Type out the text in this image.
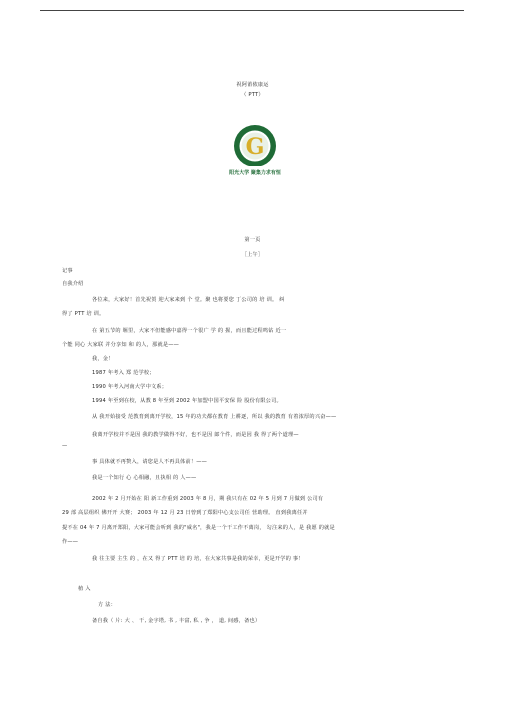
祝阿莆侬康运
（ PTT）
G
阳光大学 聚集力求有恒
第一页
［上午］
记事
自我介绍
各位来，大家好！首先祝贺 迎大家来到 个 堂。聚 也将要您 丁公司的 培 训。 纠
得了 PTT 培 训。
在 第五节的 堰里，大家不但能感中嘉得一个很广 学 的 握，而且能过程鸣钻 近一
个能 同心 大家联 并分享知 和 的人，那就是——
我，金！
1987 年考入 郑 范学校；
1990 年考入河南大学中文系；
1994 年至到在校，从教 8 年至到 2002 年加盟中国平安保 险 股份有限公司。
从 我开始接受 范教育到离开学校，15 年的功夫都在教育 上耕逐，所以 我的教育 有着浓厚的兴奋——
我离开学校并不是因 我的教学做得不好，也不是因 郎个件，而是因 我 得了两个道理—
—
事 具体就不再赘入，请您是人不再具体前！——
我是一个知行 心 心相融，且执相 的 人——
2002 年 2 月开始在 阳 新工作重到 2003 年 8 月，期 我只有在 02 年 5 月到 7 月做到 公司有
29 部 高层组织 佛开开 大赛； 2003 年 12 月 23 日曾到了郑阳中心支公司任 营助理。 直到我离任并
提不在 04 年 7 月离开郑阳，大家可能会听到 我的"威名"，我是一个干工作不离岗， 勾注来的人，是 我愿 的就是
作——
我 往主要 主生 的 ，在又 得了 PTT 培 的 培，在大家共事是我的荣幸，更是开学的 事！
植 入
方 法：
备自我（ 片: 大 、 干, 金字塔, 书 , 丰富, 私 , 争 ， 道, 间感，备也）
